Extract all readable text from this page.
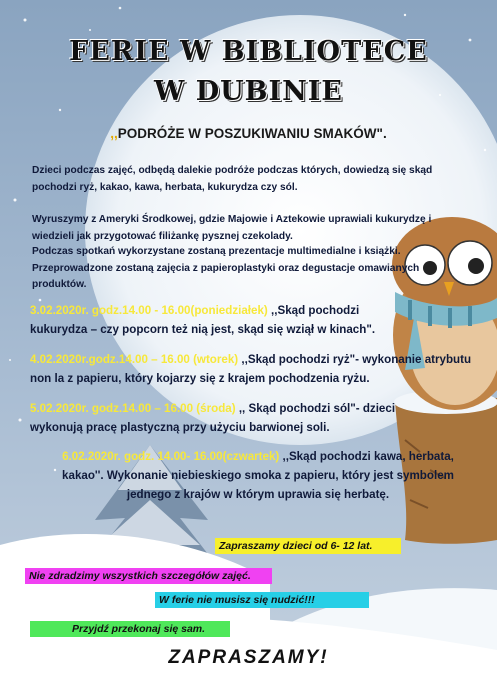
FERIE W BIBLIOTECE
W DUBINIE
,,PODRÓŻE W POSZUKIWANIU SMAKÓW".

Dzieci podczas zajęć, odbędą dalekie podróże podczas których, dowiedzą się skąd pochodzi ryż, kakao, kawa, herbata, kukurydza czy sól.

Wyruszymy z Ameryki Środkowej, gdzie Majowie i Aztekowie uprawiali kukurydzę i wiedzieli jak przygotować filiżankę pysznej czekolady.

Podczas spotkań wykorzystane zostaną prezentacje multimedialne i książki. Przeprowadzone zostaną zajęcia z papieroplastyki oraz degustacje omawianych produktów.

3.02.2020r. godz.14.00 - 16.00(poniedziałek) ,,Skąd pochodzi kukurydza – czy popcorn też nią jest, skąd się wziął w kinach".

4.02.2020r.godz.14.00 – 16.00 (wtorek) ,,Skąd pochodzi ryż"- wykonanie atrybutu non la z papieru, który kojarzy się z krajem pochodzenia ryżu.

5.02.2020r. godz.14.00 – 16.00 (środa) ,, Skąd pochodzi sól"- dzieci wykonują pracę plastyczną przy użyciu barwionej soli.

6.02.2020r. godz. 14.00- 16.00(czwartek) ,,Skąd pochodzi kawa, herbata, kakao''. Wykonanie niebieskiego smoka z papieru, który jest symbolem jednego z krajów w którym uprawia się herbatę.

Zapraszamy dzieci od 6- 12 lat.
Nie zdradzimy wszystkich szczegółów zajęć.
W ferie nie musisz się nudzić!!!
Przyjdź przekonaj się sam.
ZAPRASZAMY!
